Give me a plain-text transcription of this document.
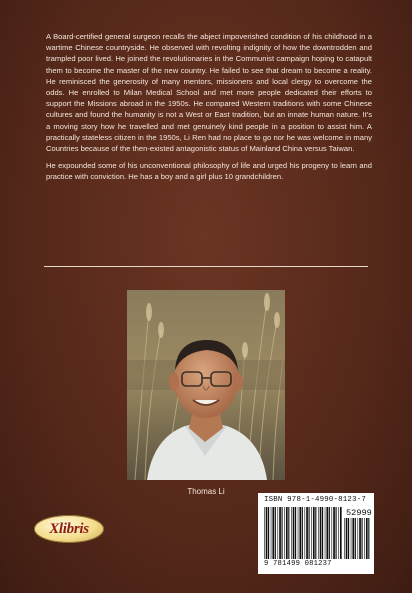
A Board-certified general surgeon recalls the abject impoverished condition of his childhood in a wartime Chinese countryside. He observed with revolting indignity of how the downtrodden and trampled poor lived. He joined the revolutionaries in the Communist campaign hoping to catapult them to become the master of the new country. He failed to see that dream to become a reality. He reminisced the generosity of many mentors, missioners and local clergy to overcome the odds. He enrolled to Milan Medical School and met more people dedicated their efforts to support the Missions abroad in the 1950s. He compared Western traditions with some Chinese cultures and found the humanity is not a West or East tradition, but an innate human nature. It's a moving story how he travelled and met genuinely kind people in a position to assist him. A practically stateless citizen in the 1950s, Li Ren had no place to go nor he was welcome in many Countries because of the then-existed antagonistic status of Mainland China versus Taiwan.

He expounded some of his unconventional philosophy of life and urged his progeny to learn and practice with conviction. He has a boy and a girl plus 10 grandchildren.

Thomas Li
Xlibris
ISBN 978-1-4990-8123-7
52999
9 781499 081237
